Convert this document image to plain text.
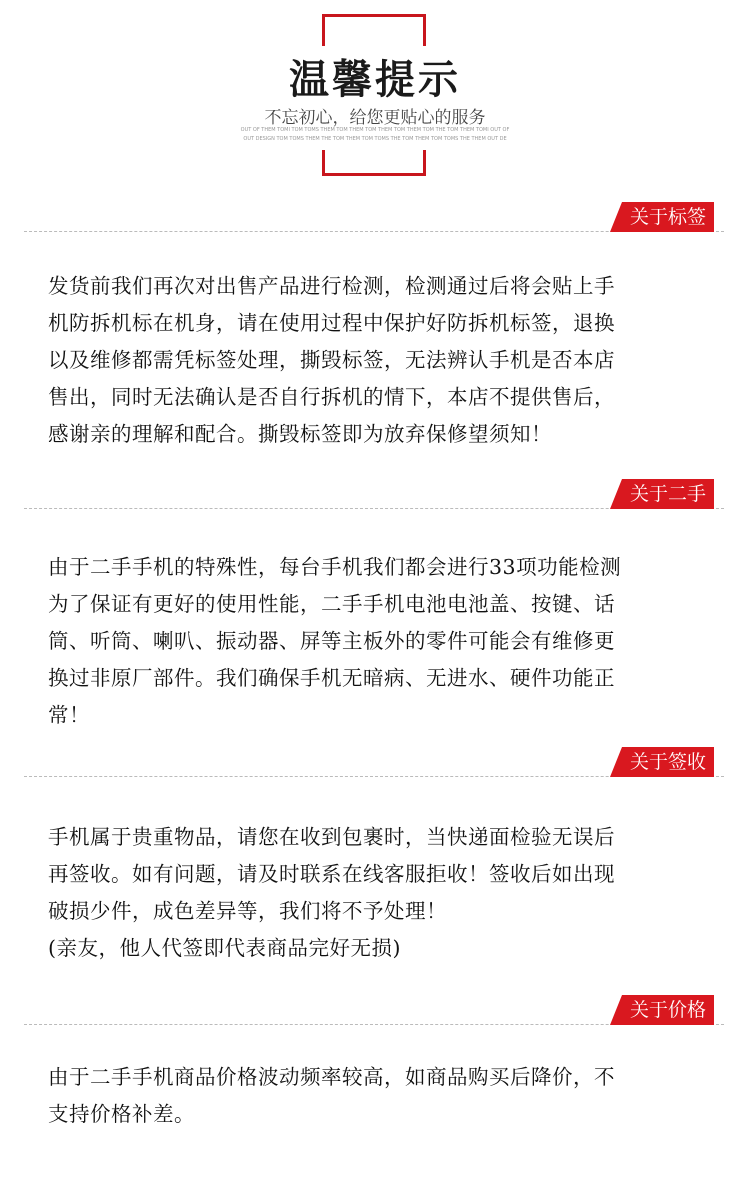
温馨提示
不忘初心，给您更贴心的服务
OUT OF THEM TOMI TOM TOMS THEM TOM THEM TOM THEM TOM THEM TOM THE TOM THEM TOMI OUT OF
OUT DESIGN TOM TOMS THEM THE TOM THEM TOM TOMS THE TOM THEM TOM TOMS THE THEM OUT DE
关于标签

发货前我们再次对出售产品进行检测，检测通过后将会贴上手

机防拆机标在机身，请在使用过程中保护好防拆机标签，退换

以及维修都需凭标签处理，撕毁标签，无法辨认手机是否本店

售出，同时无法确认是否自行拆机的情下，本店不提供售后，

感谢亲的理解和配合。撕毁标签即为放弃保修望须知！

关于二手

由于二手手机的特殊性，每台手机我们都会进行33项功能检测

为了保证有更好的使用性能，二手手机电池电池盖、按键、话

筒、听筒、喇叭、振动器、屏等主板外的零件可能会有维修更

换过非原厂部件。我们确保手机无暗病、无进水、硬件功能正

常！

关于签收

手机属于贵重物品，请您在收到包裹时，当快递面检验无误后

再签收。如有问题，请及时联系在线客服拒收！签收后如出现

破损少件，成色差异等，我们将不予处理！

(亲友，他人代签即代表商品完好无损)

关于价格

由于二手手机商品价格波动频率较高，如商品购买后降价，不

支持价格补差。
